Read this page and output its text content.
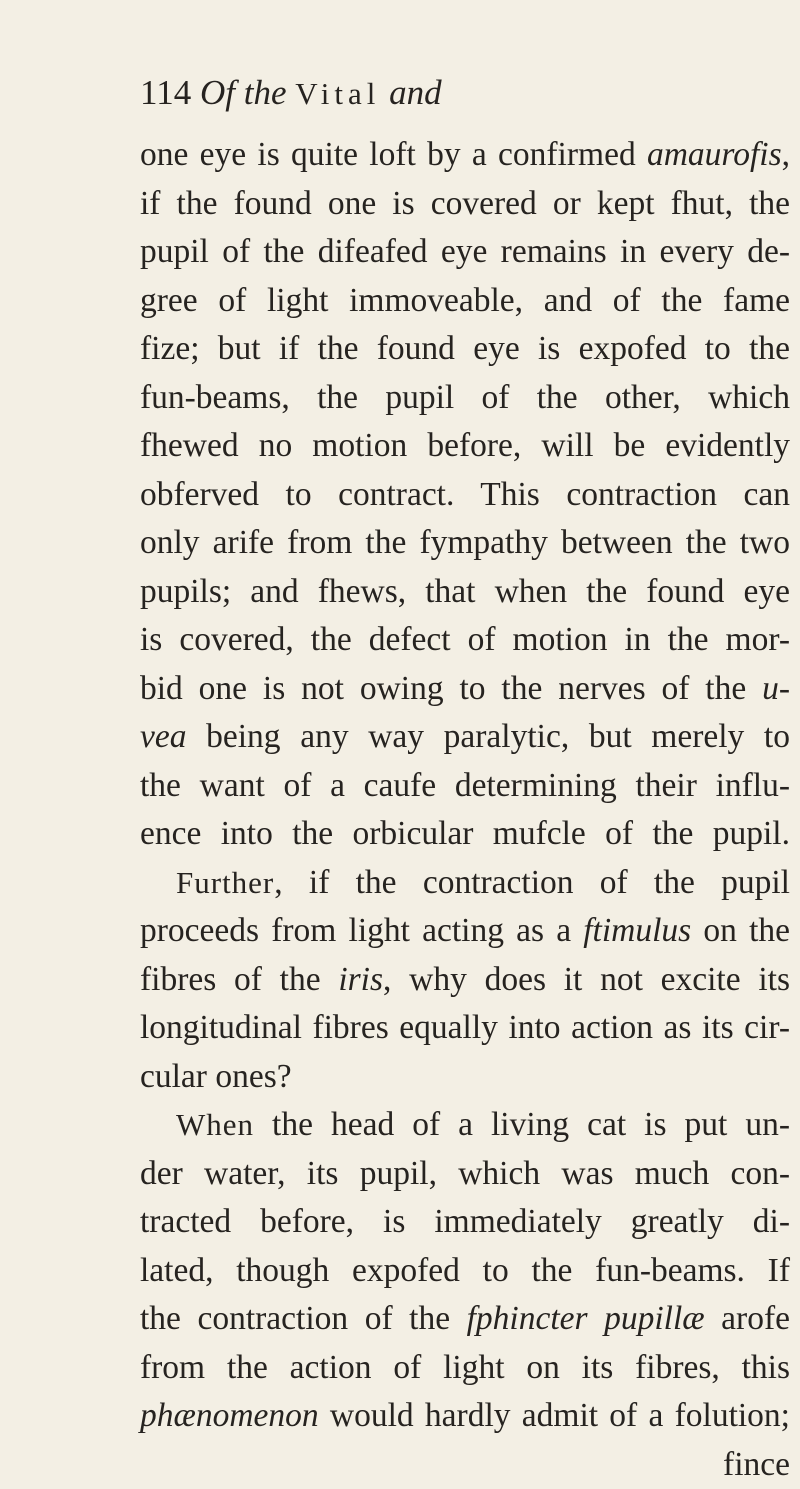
114 Of the Vital and
one eye is quite loft by a confirmed amaurofis,
if the found one is covered or kept fhut, the
pupil of the difeafed eye remains in every de-
gree of light immoveable, and of the fame
fize; but if the found eye is expofed to the
fun-beams, the pupil of the other, which
fhewed no motion before, will be evidently
obferved to contract. This contraction can
only arife from the fympathy between the two
pupils; and fhews, that when the found eye
is covered, the defect of motion in the mor-
bid one is not owing to the nerves of the u-
vea being any way paralytic, but merely to
the want of a caufe determining their influ-
ence into the orbicular mufcle of the pupil.
Further, if the contraction of the pupil
proceeds from light acting as a ftimulus on the
fibres of the iris, why does it not excite its
longitudinal fibres equally into action as its cir-
cular ones?
When the head of a living cat is put un-
der water, its pupil, which was much con-
tracted before, is immediately greatly di-
lated, though expofed to the fun-beams. If
the contraction of the fphincter pupillæ arofe
from the action of light on its fibres, this
phænomenon would hardly admit of a folution;
fince
